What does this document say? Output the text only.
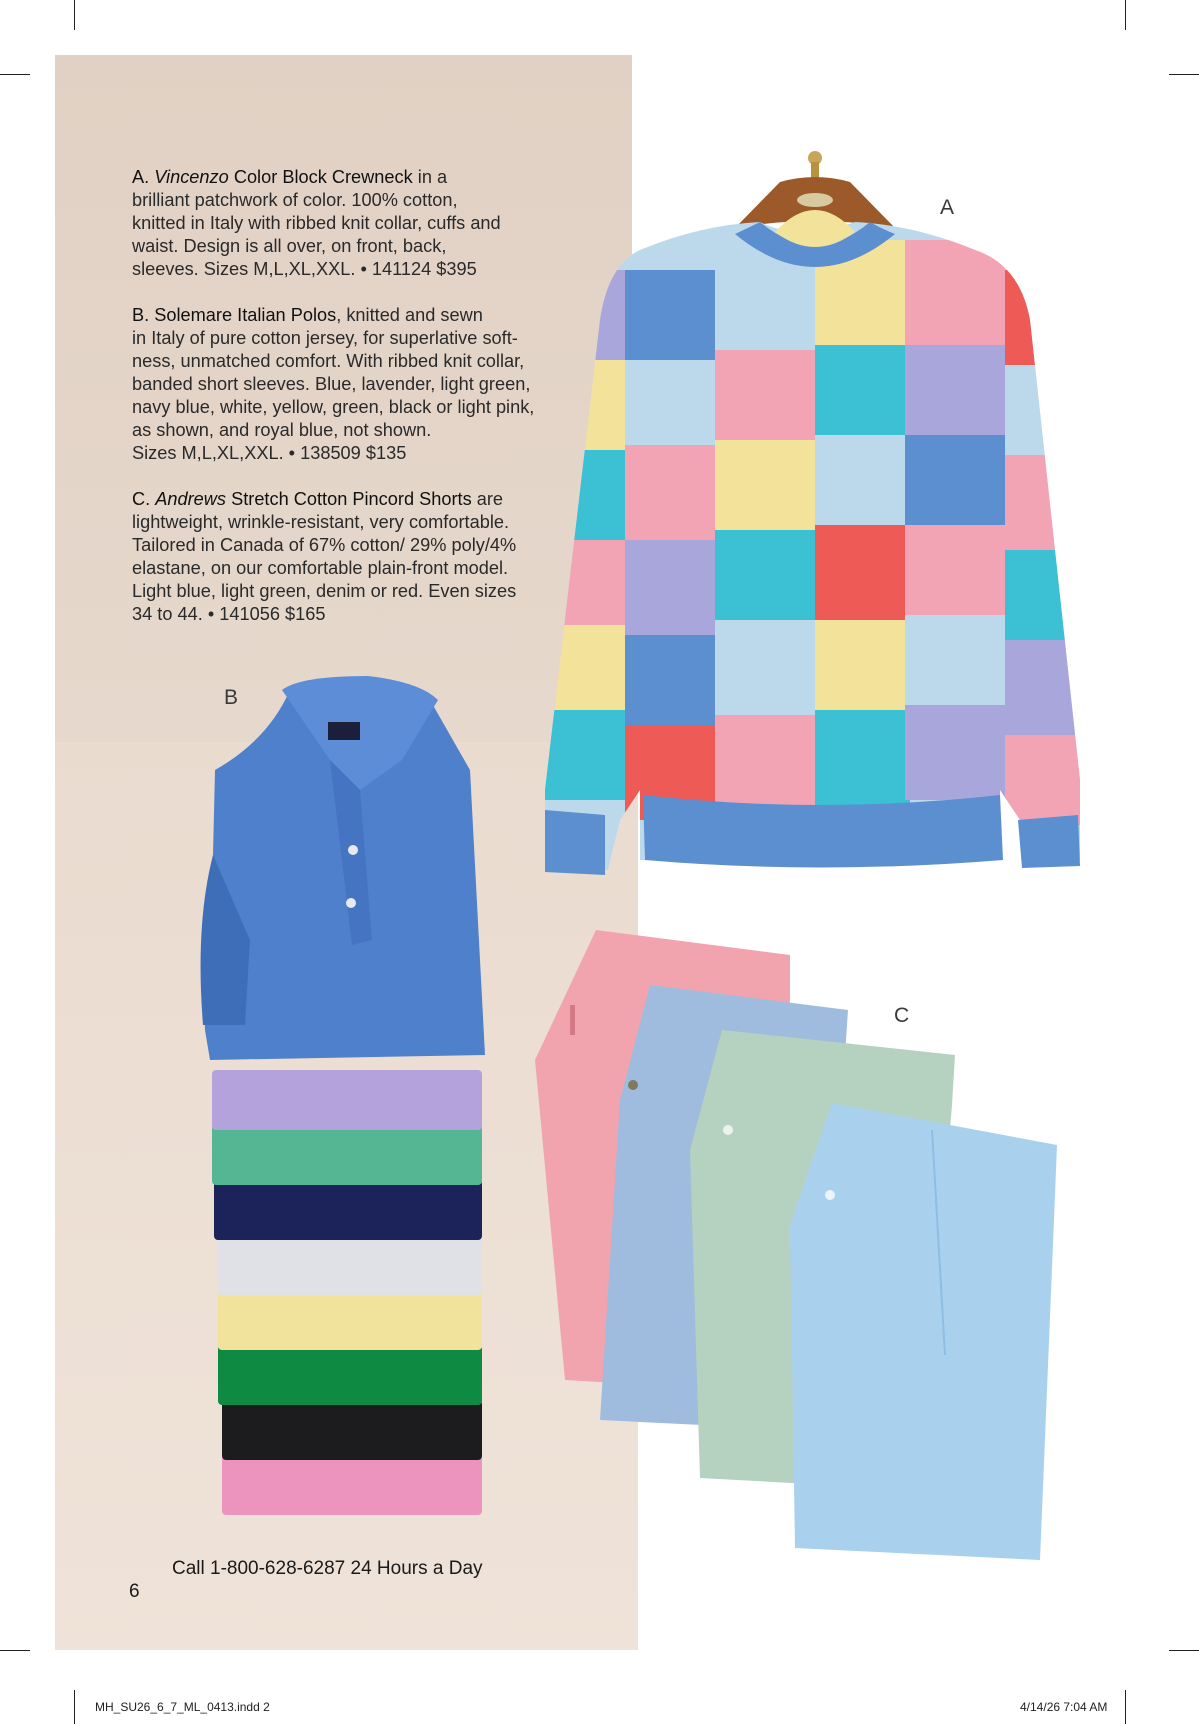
A. Vincenzo Color Block Crewneck in a
brilliant patchwork of color. 100% cotton,
knitted in Italy with ribbed knit collar, cuffs and
waist. Design is all over, on front, back,
sleeves. Sizes M,L,XL,XXL. • 141124 $395

B. Solemare Italian Polos, knitted and sewn
in Italy of pure cotton jersey, for superlative soft-
ness, unmatched comfort. With ribbed knit collar,
banded short sleeves. Blue, lavender, light green,
navy blue, white, yellow, green, black or light pink,
as shown, and royal blue, not shown.
Sizes M,L,XL,XXL. • 138509 $135

C. Andrews Stretch Cotton Pincord Shorts are
lightweight, wrinkle-resistant, very comfortable.
Tailored in Canada of 67% cotton/ 29% poly/4%
elastane, on our comfortable plain-front model.
Light blue, light green, denim or red. Even sizes
34 to 44. • 141056 $165

A
B
C
Call 1-800-628-6287 24 Hours a Day
6
MH_SU26_6_7_ML_0413.indd 2	4/14/26 7:04 AM
